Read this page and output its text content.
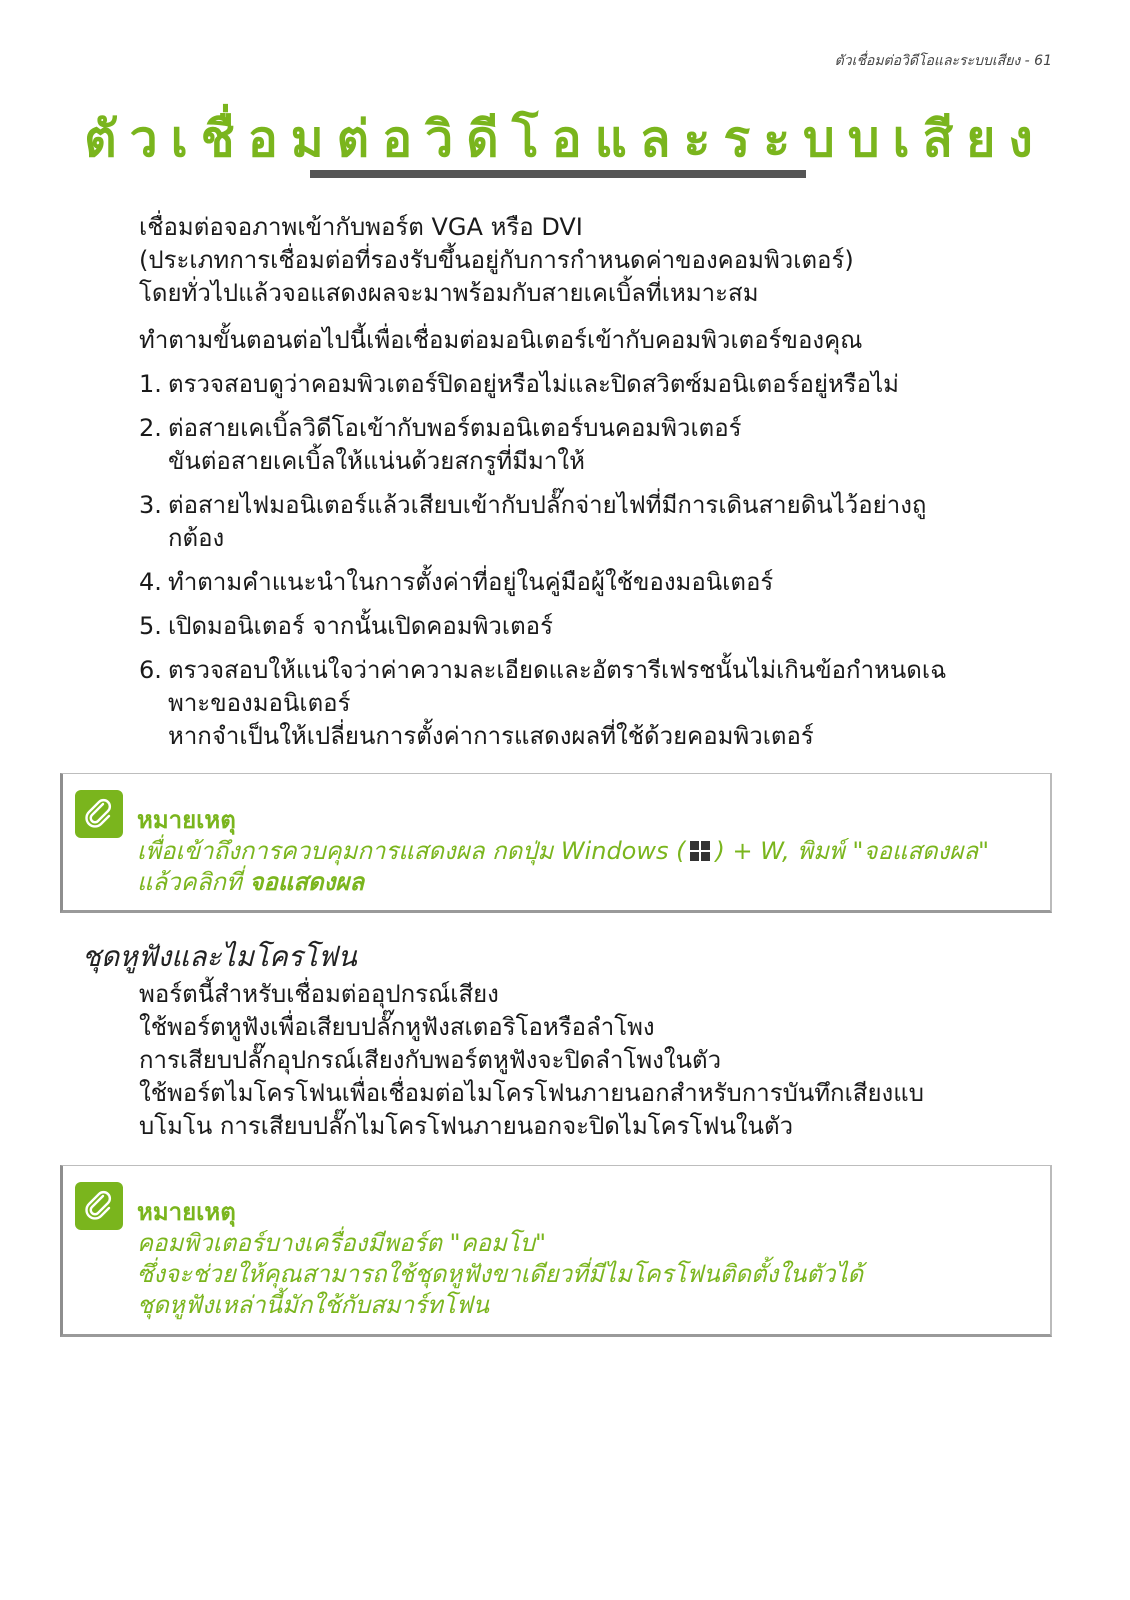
ตัวเชื่อมต่อวิดีโอและระบบเสียง - 61
ตัวเชื่อมต่อวิดีโอและระบบเสียง

เชื่อมต่อจอภาพเข้ากับพอร์ต VGA หรือ DVI

(ประเภทการเชื่อมต่อที่รองรับขึ้นอยู่กับการกำหนดค่าของคอมพิวเตอร์)

โดยทั่วไปแล้วจอแสดงผลจะมาพร้อมกับสายเคเบิ้ลที่เหมาะสม

ทำตามขั้นตอนต่อไปนี้เพื่อเชื่อมต่อมอนิเตอร์เข้ากับคอมพิวเตอร์ของคุณ

1. ตรวจสอบดูว่าคอมพิวเตอร์ปิดอยู่หรือไม่และปิดสวิตซ์มอนิเตอร์อยู่หรือไม่
2. ต่อสายเคเบิ้ลวิดีโอเข้ากับพอร์ตมอนิเตอร์บนคอมพิวเตอร์
ขันต่อสายเคเบิ้ลให้แน่นด้วยสกรูที่มีมาให้
3. ต่อสายไฟมอนิเตอร์แล้วเสียบเข้ากับปลั๊กจ่ายไฟที่มีการเดินสายดินไว้อย่างถู
กต้อง
4. ทำตามคำแนะนำในการตั้งค่าที่อยู่ในคู่มือผู้ใช้ของมอนิเตอร์
5. เปิดมอนิเตอร์ จากนั้นเปิดคอมพิวเตอร์
6. ตรวจสอบให้แน่ใจว่าค่าความละเอียดและอัตรารีเฟรชนั้นไม่เกินข้อกำหนดเฉ
พาะของมอนิเตอร์
หากจำเป็นให้เปลี่ยนการตั้งค่าการแสดงผลที่ใช้ด้วยคอมพิวเตอร์
หมายเหตุ

เพื่อเข้าถึงการควบคุมการแสดงผล กดปุ่ม Windows ( ) + W, พิมพ์ "จอแสดงผล"

แล้วคลิกที่ จอแสดงผล

ชุดหูฟังและไมโครโฟน

พอร์ตนี้สำหรับเชื่อมต่ออุปกรณ์เสียง

ใช้พอร์ตหูฟังเพื่อเสียบปลั๊กหูฟังสเตอริโอหรือลำโพง

การเสียบปลั๊กอุปกรณ์เสียงกับพอร์ตหูฟังจะปิดลำโพงในตัว

ใช้พอร์ตไมโครโฟนเพื่อเชื่อมต่อไมโครโฟนภายนอกสำหรับการบันทึกเสียงแบ

บโมโน การเสียบปลั๊กไมโครโฟนภายนอกจะปิดไมโครโฟนในตัว

หมายเหตุ

คอมพิวเตอร์บางเครื่องมีพอร์ต "คอมโบ"

ซึ่งจะช่วยให้คุณสามารถใช้ชุดหูฟังขาเดียวที่มีไมโครโฟนติดตั้งในตัวได้

ชุดหูฟังเหล่านี้มักใช้กับสมาร์ทโฟน
